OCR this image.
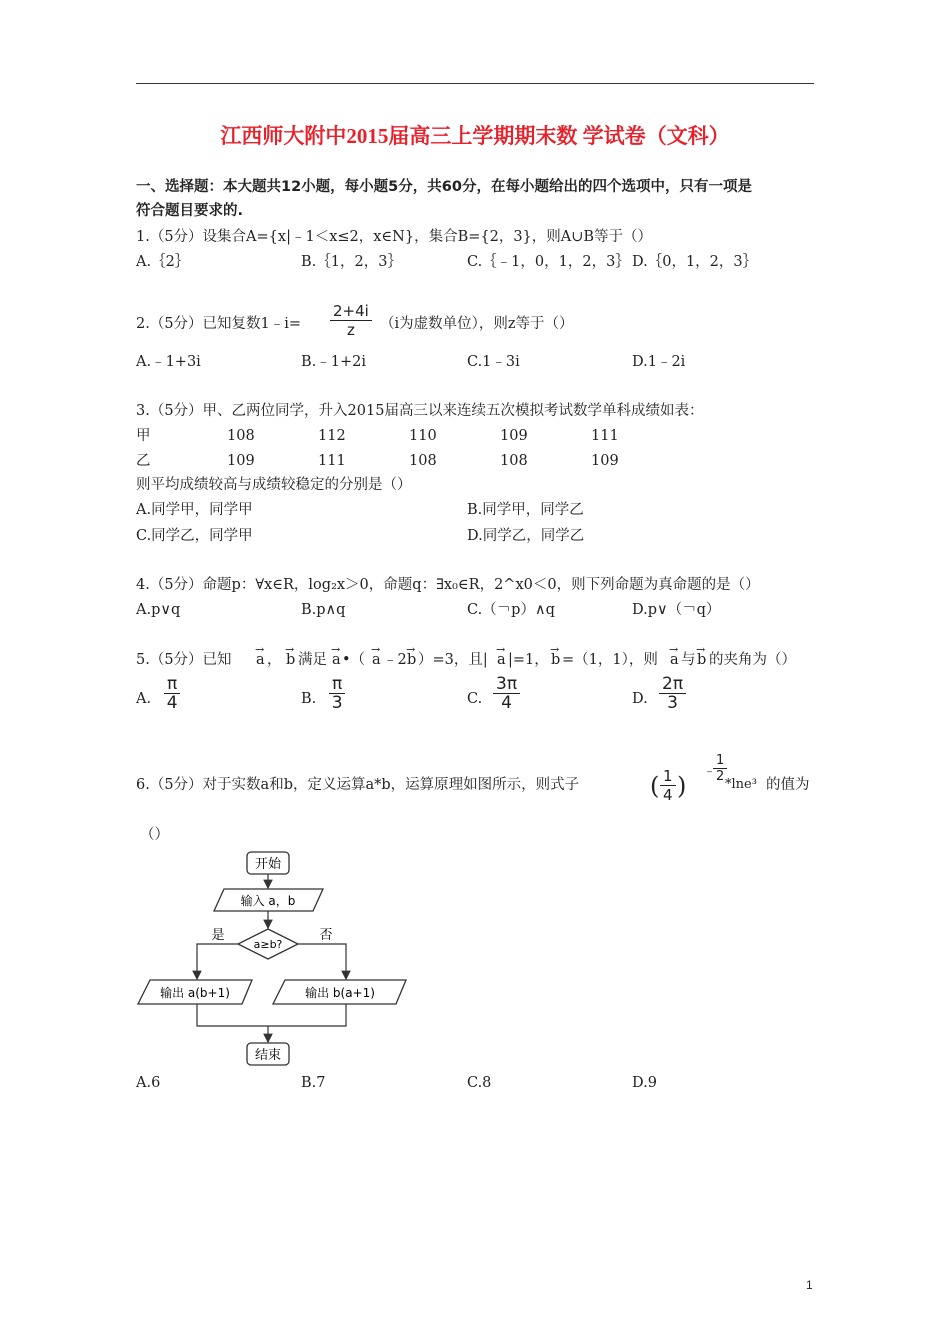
江西师大附中2015届高三上学期期末数 学试卷（文科）
一、选择题：本大题共12小题，每小题5分，共60分，在每小题给出的四个选项中，只有一项是
符合题目要求的.
1.（5分）设集合A={x|﹣1＜x≤2，x∈N}，集合B={2，3}，则A∪B等于（）
A.｛2｝	B.｛1，2，3｝	C.｛﹣1，0，1，2，3｝ D.｛0，1，2，3｝
2.（5分）已知复数1﹣i= $\frac{2+4i}{z} (i$为虚数单位），则z等于（）
A.﹣1+3i	B.﹣1+2i	C.1﹣3i	D.1﹣2i
3.（5分）甲、乙两位同学，升入2015届高三以来连续五次模拟考试数学单科成绩如表：
甲	108	112	110	109	111
乙	109	111	108	108	109
则平均成绩较高与成绩较稳定的分别是（）
A.同学甲，同学甲	B.同学甲，同学乙
C.同学乙，同学甲	D.同学乙，同学乙
4.（5分）命题p：∀x∈R，log₂x＞0，命题q：∃x₀∈R，2^x0＜0，则下列命题为真命题的是（）
A.p∨q	B.p∧q	C.（￢p）∧q	D.p∨（￢q）
5.（5分）已知 a
→
， b
→
满足 a
→
•（ a
→
﹣2 b
→
）=3，且| a
→
|=1， b
→
=（1，1），则 a
→
与 b
→
的夹角为（）
A. $\frac{\pi}{4}$	B. $\frac{\pi}{3}$	C. $\frac{3\pi}{4}$	D. $\frac{2\pi}{3}$
6.（5分）对于实数a和b，定义运算a*b，运算原理如图所示，则式子	( $\frac{1}{4}$ )
﹣
$\frac{1}{2}$
*lne³ 的值为
（）
开始
输入 a，b
a≥b?
是	否
输出 a(b+1)	输出 b(a+1)
结束
A.6	B.7	C.8	D.9
1
